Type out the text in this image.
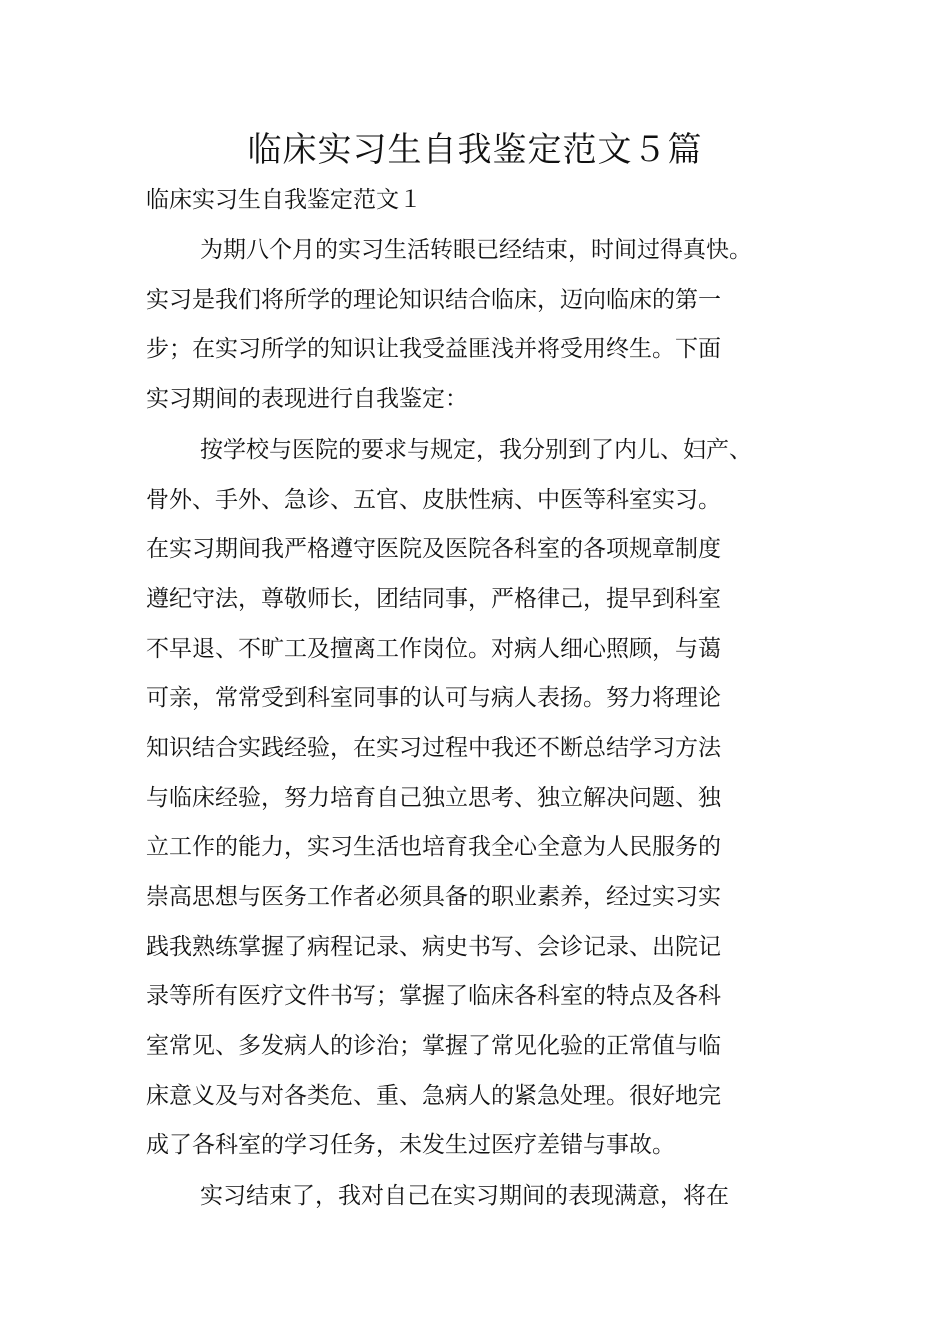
临床实习生自我鉴定范文５篇
临床实习生自我鉴定范文１
为期八个月的实习生活转眼已经结束，时间过得真快。
实习是我们将所学的理论知识结合临床，迈向临床的第一
步；在实习所学的知识让我受益匪浅并将受用终生。下面
实习期间的表现进行自我鉴定：
按学校与医院的要求与规定，我分别到了内儿、妇产、
骨外、手外、急诊、五官、皮肤性病、中医等科室实习。
在实习期间我严格遵守医院及医院各科室的各项规章制度
遵纪守法，尊敬师长，团结同事，严格律己，提早到科室
不早退、不旷工及擅离工作岗位。对病人细心照顾，与蔼
可亲，常常受到科室同事的认可与病人表扬。努力将理论
知识结合实践经验，在实习过程中我还不断总结学习方法
与临床经验，努力培育自己独立思考、独立解决问题、独
立工作的能力，实习生活也培育我全心全意为人民服务的
崇高思想与医务工作者必须具备的职业素养，经过实习实
践我熟练掌握了病程记录、病史书写、会诊记录、出院记
录等所有医疗文件书写；掌握了临床各科室的特点及各科
室常见、多发病人的诊治；掌握了常见化验的正常值与临
床意义及与对各类危、重、急病人的紧急处理。很好地完
成了各科室的学习任务，未发生过医疗差错与事故。
实习结束了，我对自己在实习期间的表现满意，将在
